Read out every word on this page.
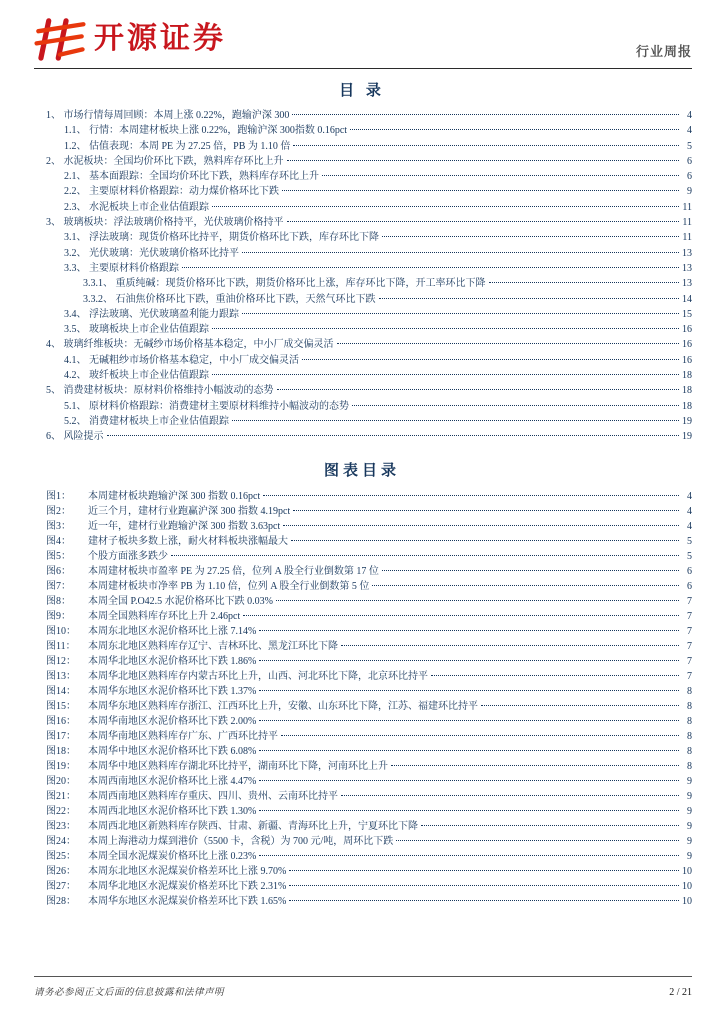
开源证券	行业周报
目 录
1、 市场行情每周回顾：本周上涨 0.22%，跑输沪深 300	4
1.1、 行情：本周建材板块上涨 0.22%，跑输沪深 300指数 0.16pct	4
1.2、 估值表现：本周 PE 为 27.25 倍，PB 为 1.10 倍	5
2、 水泥板块：全国均价环比下跌，熟料库存环比上升	6
2.1、 基本面跟踪：全国均价环比下跌，熟料库存环比上升	6
2.2、 主要原材料价格跟踪：动力煤价格环比下跌	9
2.3、 水泥板块上市企业估值跟踪	11
3、 玻璃板块：浮法玻璃价格持平，光伏玻璃价格持平	11
3.1、 浮法玻璃：现货价格环比持平，期货价格环比下跌，库存环比下降	11
3.2、 光伏玻璃：光伏玻璃价格环比持平	13
3.3、 主要原材料价格跟踪	13
3.3.1、 重质纯碱：现货价格环比下跌，期货价格环比上涨，库存环比下降，开工率环比下降	13
3.3.2、 石油焦价格环比下跌，重油价格环比下跌，天然气环比下跌	14
3.4、 浮法玻璃、光伏玻璃盈利能力跟踪	15
3.5、 玻璃板块上市企业估值跟踪	16
4、 玻璃纤维板块：无碱纱市场价格基本稳定，中小厂成交偏灵活	16
4.1、 无碱粗纱市场价格基本稳定，中小厂成交偏灵活	16
4.2、 玻纤板块上市企业估值跟踪	18
5、 消费建材板块：原材料价格维持小幅波动的态势	18
5.1、 原材料价格跟踪：消费建材主要原材料维持小幅波动的态势	18
5.2、 消费建材板块上市企业估值跟踪	19
6、 风险提示	19
图表目录
图1：	本周建材板块跑输沪深 300 指数 0.16pct	4
图2：	近三个月，建材行业跑赢沪深 300 指数 4.19pct	4
图3：	近一年，建材行业跑输沪深 300 指数 3.63pct	4
图4：	建材子板块多数上涨，耐火材料板块涨幅最大	5
图5：	个股方面涨多跌少	5
图6：	本周建材板块市盈率 PE 为 27.25 倍，位列 A 股全行业倒数第 17 位	6
图7：	本周建材板块市净率 PB 为 1.10 倍，位列 A 股全行业倒数第 5 位	6
图8：	本周全国 P.O42.5 水泥价格环比下跌 0.03%	7
图9：	本周全国熟料库存环比上升 2.46pct	7
图10：	本周东北地区水泥价格环比上涨 7.14%	7
图11：	本周东北地区熟料库存辽宁、吉林环比、黑龙江环比下降	7
图12：	本周华北地区水泥价格环比下跌 1.86%	7
图13：	本周华北地区熟料库存内蒙古环比上升，山西、河北环比下降，北京环比持平	7
图14：	本周华东地区水泥价格环比下跌 1.37%	8
图15：	本周华东地区熟料库存浙江、江西环比上升，安徽、山东环比下降，江苏、福建环比持平	8
图16：	本周华南地区水泥价格环比下跌 2.00%	8
图17：	本周华南地区熟料库存广东、广西环比持平	8
图18：	本周华中地区水泥价格环比下跌 6.08%	8
图19：	本周华中地区熟料库存湖北环比持平，湖南环比下降，河南环比上升	8
图20：	本周西南地区水泥价格环比上涨 4.47%	9
图21：	本周西南地区熟料库存重庆、四川、贵州、云南环比持平	9
图22：	本周西北地区水泥价格环比下跌 1.30%	9
图23：	本周西北地区新熟料库存陕西、甘肃、新疆、青海环比上升，宁夏环比下降	9
图24：	本周上海港动力煤到港价（5500 卡，含税）为 700 元/吨，周环比下跌	9
图25：	本周全国水泥煤炭价格环比上涨 0.23%	9
图26：	本周东北地区水泥煤炭价格差环比上涨 9.70%	10
图27：	本周华北地区水泥煤炭价格差环比下跌 2.31%	10
图28：	本周华东地区水泥煤炭价格差环比下跌 1.65%	10
请务必参阅正文后面的信息披露和法律声明	2 / 21
